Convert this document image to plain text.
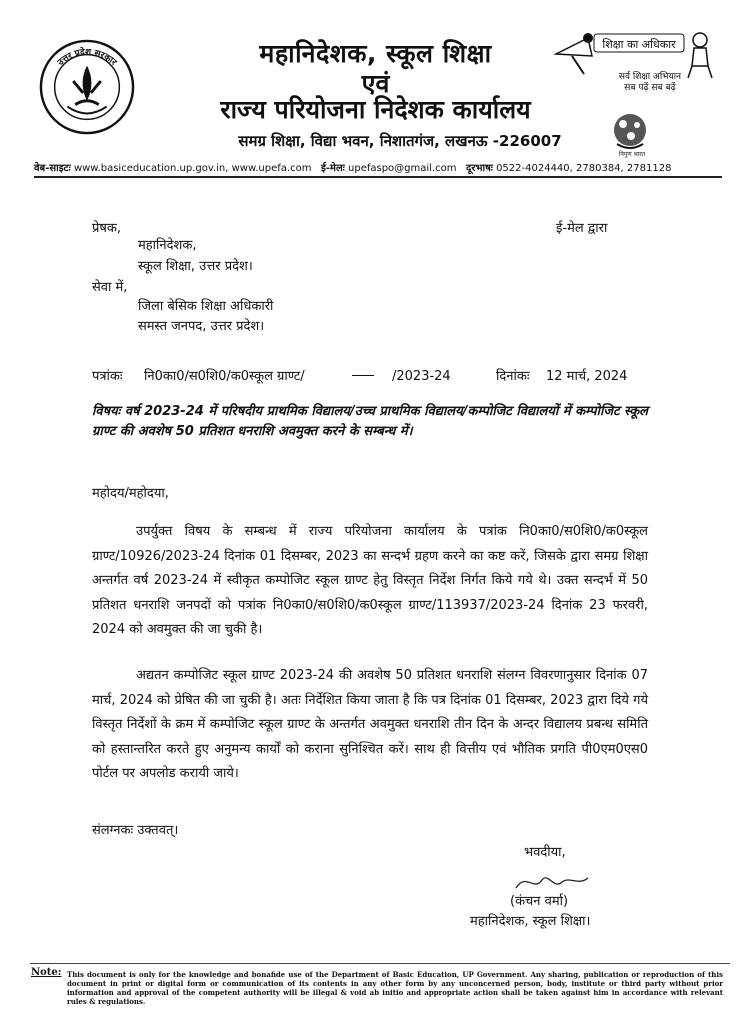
उत्तर प्रदेश सरकार	महानिदेशक, स्कूल शिक्षा
एवं
राज्य परियोजना निदेशक कार्यालय
समग्र शिक्षा, विद्या भवन, निशातगंज, लखनऊ -226007
शिक्षा का अधिकार
सर्व शिक्षा अभियान
सब पढ़ें सब बढ़ें
निपुण भारत
वेब-साइटः www.basiceducation.up.gov.in, www.upefa.com ई-मेलः upefaspo@gmail.com दूरभाषः 0522-4024440, 2780384, 2781128
प्रेषक,	ई-मेल द्वारा
महानिदेशक,
स्कूल शिक्षा, उत्तर प्रदेश।
सेवा में,
जिला बेसिक शिक्षा अधिकारी
समस्त जनपद, उत्तर प्रदेश।
पत्रांकः नि0का0/स0शि0/क0स्कूल ग्राण्ट/	/2023-24	दिनांकः 12 मार्च, 2024
विषयः वर्ष 2023-24 में परिषदीय प्राथमिक विद्यालय/उच्च प्राथमिक विद्यालय/कम्पोजिट विद्यालयों में कम्पोजिट स्कूल ग्राण्ट की अवशेष 50 प्रतिशत धनराशि अवमुक्त करने के सम्बन्ध में।
महोदय/महोदया,
उपर्युक्त विषय के सम्बन्ध में राज्य परियोजना कार्यालय के पत्रांक नि0का0/स0शि0/क0स्कूल ग्राण्ट/10926/2023-24 दिनांक 01 दिसम्बर, 2023 का सन्दर्भ ग्रहण करने का कष्ट करें, जिसके द्वारा समग्र शिक्षा अन्तर्गत वर्ष 2023-24 में स्वीकृत कम्पोजिट स्कूल ग्राण्ट हेतु विस्तृत निर्देश निर्गत किये गये थे। उक्त सन्दर्भ में 50 प्रतिशत धनराशि जनपदों को पत्रांक नि0का0/स0शि0/क0स्कूल ग्राण्ट/113937/2023-24 दिनांक 23 फरवरी, 2024 को अवमुक्त की जा चुकी है।
अद्यतन कम्पोजिट स्कूल ग्राण्ट 2023-24 की अवशेष 50 प्रतिशत धनराशि संलग्न विवरणानुसार दिनांक 07 मार्च, 2024 को प्रेषित की जा चुकी है। अतः निर्देशित किया जाता है कि पत्र दिनांक 01 दिसम्बर, 2023 द्वारा दिये गये विस्तृत निर्देशों के क्रम में कम्पोजिट स्कूल ग्राण्ट के अन्तर्गत अवमुक्त धनराशि तीन दिन के अन्दर विद्यालय प्रबन्ध समिति को हस्तान्तरित करते हुए अनुमन्य कार्यों को कराना सुनिश्चित करें। साथ ही वित्तीय एवं भौतिक प्रगति पी0एम0एस0 पोर्टल पर अपलोड करायी जाये।
संलग्नकः उक्तवत्।
भवदीया,
(कंचन वर्मा)
महानिदेशक, स्कूल शिक्षा।
Note: This document is only for the knowledge and bonafide use of the Department of Basic Education, UP Government. Any sharing, publication or reproduction of this document in print or digital form or communication of its contents in any other form by any unconcerned person, body, institute or third party without prior information and approval of the competent authority will be illegal & void ab initio and appropriate action shall be taken against him in accordance with relevant rules & regulations.
